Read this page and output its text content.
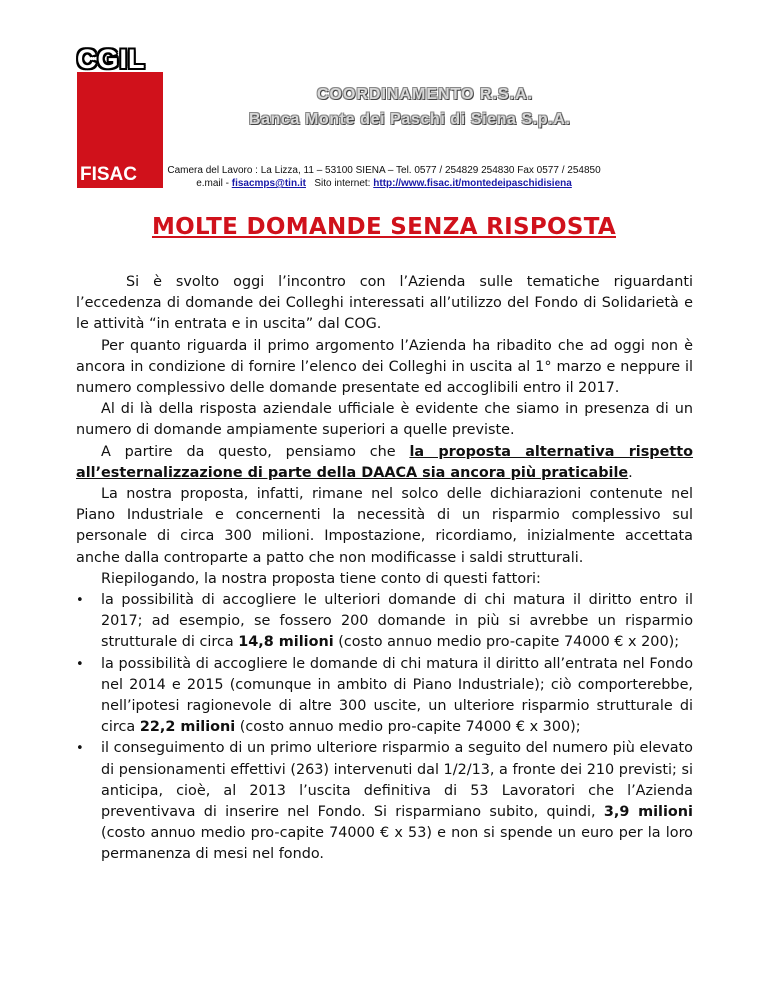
FISAC
CGIL
COORDINAMENTO R.S.A.
Banca Monte dei Paschi di Siena S.p.A.
Camera del Lavoro : La Lizza, 11 – 53100 SIENA – Tel. 0577 / 254829 254830 Fax 0577 / 254850
e.mail - fisacmps@tin.it Sito internet: http://www.fisac.it/montedeipaschidisiena
MOLTE DOMANDE SENZA RISPOSTA

Si è svolto oggi l’incontro con l’Azienda sulle tematiche riguardanti l’eccedenza di domande dei Colleghi interessati all’utilizzo del Fondo di Solidarietà e le attività “in entrata e in uscita” dal COG.

Per quanto riguarda il primo argomento l’Azienda ha ribadito che ad oggi non è ancora in condizione di fornire l’elenco dei Colleghi in uscita al 1° marzo e neppure il numero complessivo delle domande presentate ed accoglibili entro il 2017.

Al di là della risposta aziendale ufficiale è evidente che siamo in presenza di un numero di domande ampiamente superiori a quelle previste.

A partire da questo, pensiamo che la proposta alternativa rispetto all’esternalizzazione di parte della DAACA sia ancora più praticabile.

La nostra proposta, infatti, rimane nel solco delle dichiarazioni contenute nel Piano Industriale e concernenti la necessità di un risparmio complessivo sul personale di circa 300 milioni. Impostazione, ricordiamo, inizialmente accettata anche dalla controparte a patto che non modificasse i saldi strutturali.

Riepilogando, la nostra proposta tiene conto di questi fattori:

• la possibilità di accogliere le ulteriori domande di chi matura il diritto entro il 2017; ad esempio, se fossero 200 domande in più si avrebbe un risparmio strutturale di circa 14,8 milioni (costo annuo medio pro-capite 74000 € x 200);
• la possibilità di accogliere le domande di chi matura il diritto all’entrata nel Fondo nel 2014 e 2015 (comunque in ambito di Piano Industriale); ciò comporterebbe, nell’ipotesi ragionevole di altre 300 uscite, un ulteriore risparmio strutturale di circa 22,2 milioni (costo annuo medio pro-capite 74000 € x 300);
• il conseguimento di un primo ulteriore risparmio a seguito del numero più elevato di pensionamenti effettivi (263) intervenuti dal 1/2/13, a fronte dei 210 previsti; si anticipa, cioè, al 2013 l’uscita definitiva di 53 Lavoratori che l’Azienda preventivava di inserire nel Fondo. Si risparmiano subito, quindi, 3,9 milioni (costo annuo medio pro-capite 74000 € x 53) e non si spende un euro per la loro permanenza di mesi nel fondo.
